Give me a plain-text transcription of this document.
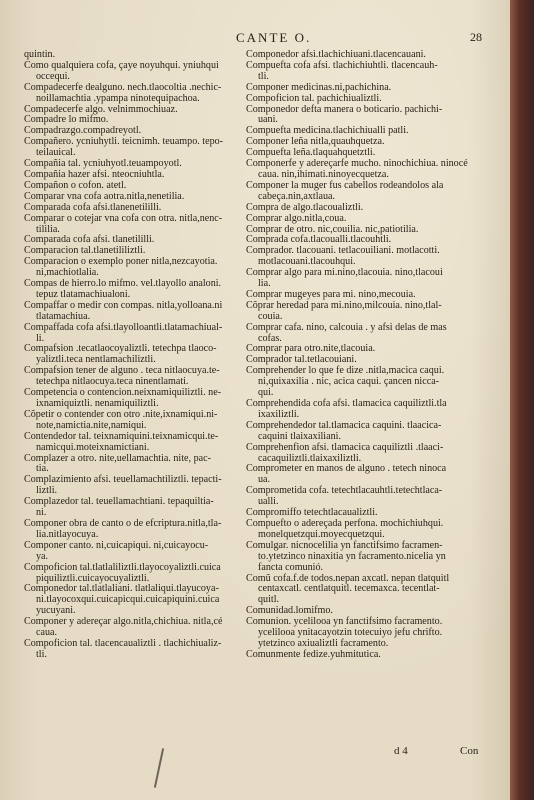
CANTE O.	28

quintin.

Como qualquiera cofa, çaye noyuhqui. yniuhqui
occequi.

Compadecerfe dealguno. nech.tlaocoltia .nechic-
noillamachtia .ypampa ninotequipachoa.

Compadecerfe algo. velnimmochiuaz.

Compadre lo mifmo.

Compadrazgo.compadreyotl.

Compañero. ycniuhytli. teicnimh. teuampo. tepo-
teilauical.

Compañia tal. ycniuhyotl.teuampoyotl.

Compañia hazer afsi. nteocniuhtla.

Compañon o cofon. atetl.

Comparar vna cofa aotra.nitla,nenetilia.

Comparada cofa afsi.tlanenetililli.

Comparar o cotejar vna cofa con otra. nitla,nenc-
tililia.

Comparada cofa afsi. tlanetililli.

Comparacion tal.tlanetililiztli.

Comparacion o exemplo poner nitla,nezcayotia.
ni,machiotlalia.

Compas de hierro.lo mifmo. vel.tlayollo analoni.
tepuz tlatamachiualoni.

Compaffar o medir con compas. nitla,yolloana.ni
tlatamachiua.

Compaffada cofa afsi.tlayolloantli.tlatamachiual-
li.

Compafsion .tecatlaocoyaliztli. tetechpa tlaoco-
yaliztli.teca nentlamachiliztli.

Compafsion tener de alguno . teca nitlaocuya.te-
tetechpa nitlaocuya.teca ninentlamati.

Competencia o contencion.neixnamiquiliztli. ne-
ixnamiquiztli. nenamiquiliztli.

Cõpetir o contender con otro .nite,ixnamiqui.ni-
note,namictia.nite,namiqui.

Contendedor tal. teixnamiquini.teixnamicqui.te-
namicqui.moteixnamictiani.

Complazer a otro. nite,uellamachtia. nite, pac-
tia.

Complazimiento afsi. teuellamachtiliztli. tepacti-
liztli.

Complazedor tal. teuellamachtiani. tepaquiltia-
ni.

Componer obra de canto o de efcriptura.nitla,tla-
lia.nitlayocuya.

Componer canto. ni,cuicapiqui. ni,cuicayocu-
ya.

Compoficion tal.tlatlaliliztli.tlayocoyaliztli.cuica
piquiliztli.cuicayocuyaliztli.

Componedor tal.tlatlaliani. tlatlaliqui.tlayucoya-
ni.tlayocoxqui.cuicapicqui.cuicapiquini.cuica
yucuyani.

Componer y adereçar algo.nitla,chichiua. nitla,cé
caua.

Compoficion tal. tlacencaualiztli . tlachichiualiz-
tli.

Componedor afsi.tlachichiuani.tlacencauani.

Compuefta cofa afsi. tlachichiuhtli. tlacencauh-
tli.

Componer medicinas.ni,pachichina.

Compoficion tal. pachichiualiztli.

Componedor defta manera o boticario. pachichi-
uani.

Compuefta medicina.tlachichiualli patli.

Componer leña nitla,quauhquetza.

Compuefta leña.tlaquahquetztli.

Componerfe y adereçarfe mucho. ninochichiua. ninocé
caua. nin,ihimati.ninoyecquetza.

Componer la muger fus cabellos rodeandolos ala
cabeça.nin,axtlaua.

Compra de algo.tlacoualiztli.

Comprar algo.nitla,coua.

Comprar de otro. nic,couilia. nic,patiotilia.

Comprada cofa.tlacoualli.tlacouhtli.

Comprador. tlacouani. tetlacouiliani. motlacotti.
motlacouani.tlacouhqui.

Comprar algo para mi.nino,tlacouia. nino,tlacoui
lia.

Comprar mugeyes para mi. nino,mecouia.

Cõprar heredad para mi.nino,milcouia. nino,tlal-
couia.

Comprar cafa. nino, calcouia . y afsi delas de mas
cofas.

Comprar para otro.nite,tlacouia.

Comprador tal.tetlacouiani.

Comprehender lo que fe dize .nitla,macica caqui.
ni,quixaxilia . nic, acica caqui. çancen nicca-
qui.

Comprehendida cofa afsi. tlamacica caquiliztli.tla
ixaxiliztli.

Comprehendedor tal.tlamacica caquini. tlaacica-
caquini tlaixaxiliani.

Comprehenfion afsi. tlamacica caquiliztli .tlaaci-
cacaquiliztli.tlaixaxiliztli.

Comprometer en manos de alguno . tetech ninoca
ua.

Comprometida cofa. tetechtlacauhtli.tetechtlaca-
ualli.

Compromiffo tetechtlacaualiztli.

Compuefto o adereçada perfona. mochichiuhqui.
monelquetzqui.moyecquetzqui.

Comulgar. nicnocelilia yn fanctifsimo facramen-
to.ytetzinco ninaxitia yn facramento.nicelia yn
fancta comunió.

Comũ cofa.f.de todos.nepan axcatl. nepan tlatquitl
centaxcatl. centlatquitl. tecemaxca. tecentlat-
quitl.

Comunidad.lomifmo.

Comunion. ycelilooa yn fanctifsimo facramento.
ycelilooa ynitacayotzin totecuiyo jefu chrifto.
ytetzinco axiualiztli facramento.

Comunmente fedize.yuhmitutica.

d 4	Con
